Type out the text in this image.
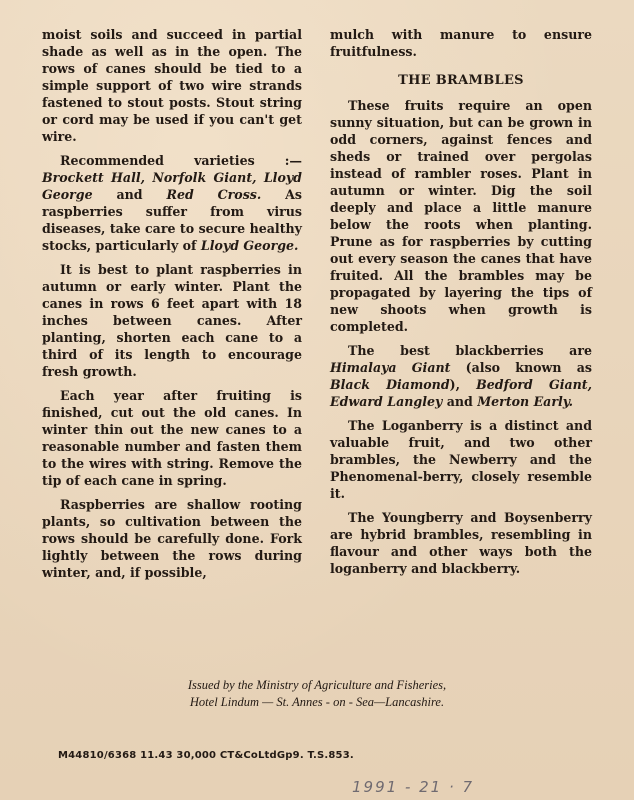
moist soils and succeed in partial shade as well as in the open. The rows of canes should be tied to a simple support of two wire strands fastened to stout posts. Stout string or cord may be used if you can't get wire.

Recommended varieties :— Brockett Hall, Norfolk Giant, Lloyd George and Red Cross. As raspberries suffer from virus diseases, take care to secure healthy stocks, particularly of Lloyd George.

It is best to plant raspberries in autumn or early winter. Plant the canes in rows 6 feet apart with 18 inches between canes. After planting, shorten each cane to a third of its length to encourage fresh growth.

Each year after fruiting is finished, cut out the old canes. In winter thin out the new canes to a reasonable number and fasten them to the wires with string. Remove the tip of each cane in spring.

Raspberries are shallow rooting plants, so cultivation between the rows should be carefully done. Fork lightly between the rows during winter, and, if possible,

mulch with manure to ensure fruitfulness.

THE BRAMBLES

These fruits require an open sunny situation, but can be grown in odd corners, against fences and sheds or trained over pergolas instead of rambler roses. Plant in autumn or winter. Dig the soil deeply and place a little manure below the roots when planting. Prune as for raspberries by cutting out every season the canes that have fruited. All the brambles may be propagated by layering the tips of new shoots when growth is completed.

The best blackberries are Himalaya Giant (also known as Black Diamond), Bedford Giant, Edward Langley and Merton Early.

The Loganberry is a distinct and valuable fruit, and two other brambles, the Newberry and the Phenomenal-berry, closely resemble it.

The Youngberry and Boysenberry are hybrid brambles, resembling in flavour and other ways both the loganberry and blackberry.

Issued by the Ministry of Agriculture and Fisheries,
Hotel Lindum — St. Annes - on - Sea—Lancashire.
M44810/6368 11.43 30,000 CT&CoLtdGp9. T.S.853.
1991 - 21 · 7
